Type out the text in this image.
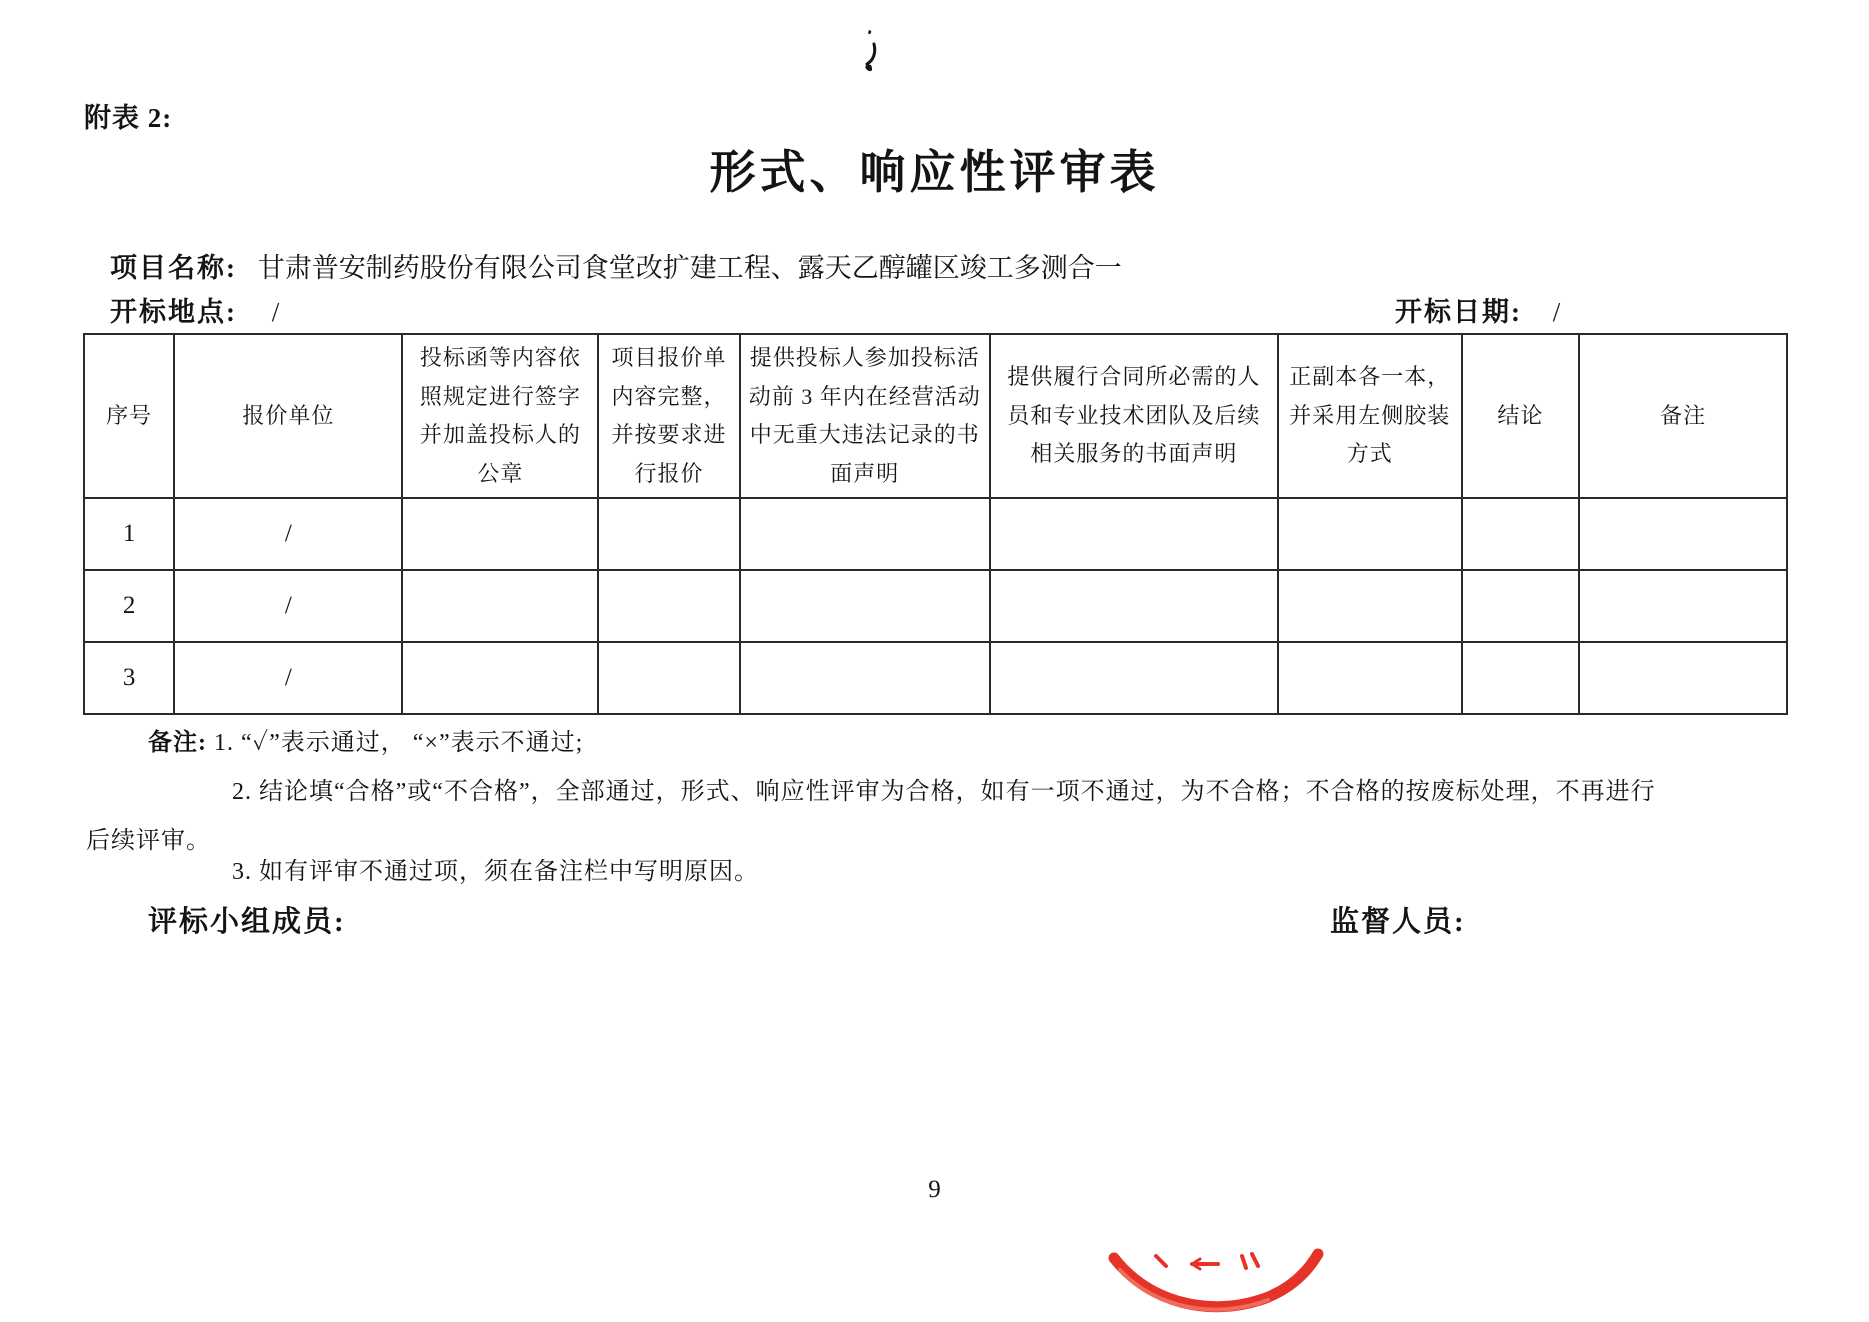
附表 2:
形式、响应性评审表
项目名称: 甘肃普安制药股份有限公司食堂改扩建工程、露天乙醇罐区竣工多测合一
开标地点: /	开标日期: /
序号	报价单位	投标函等内容依照规定进行签字并加盖投标人的公章	项目报价单内容完整，并按要求进行报价	提供投标人参加投标活动前 3 年内在经营活动中无重大违法记录的书面声明	提供履行合同所必需的人员和专业技术团队及后续相关服务的书面声明	正副本各一本，并采用左侧胶装方式	结论	备注
1	/							
2	/							
3	/							
备注: 1. “✓”表示通过， “×”表示不通过;
2. 结论填“合格”或“不合格”，全部通过，形式、响应性评审为合格，如有一项不通过，为不合格；不合格的按废标处理，不再进行
后续评审。
3. 如有评审不通过项，须在备注栏中写明原因。
评标小组成员:	监督人员:
9
